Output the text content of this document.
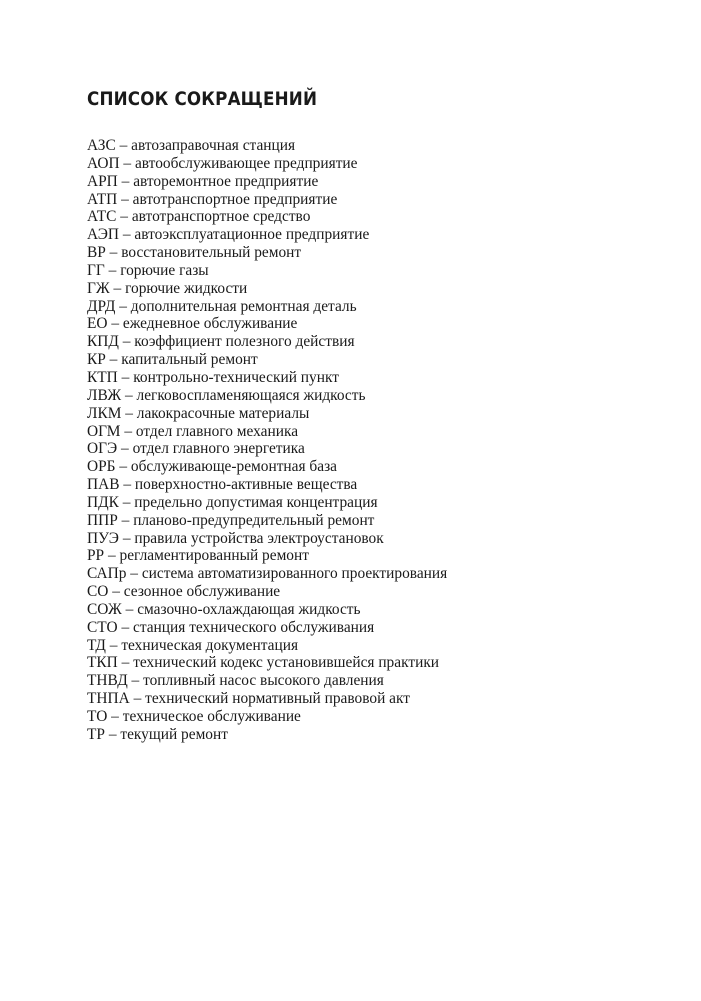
СПИСОК СОКРАЩЕНИЙ
АЗС – автозаправочная станция
АОП – автообслуживающее предприятие
АРП – авторемонтное предприятие
АТП – автотранспортное предприятие
АТС – автотранспортное средство
АЭП – автоэксплуатационное предприятие
ВР – восстановительный ремонт
ГГ – горючие газы
ГЖ – горючие жидкости
ДРД – дополнительная ремонтная деталь
ЕО – ежедневное обслуживание
КПД – коэффициент полезного действия
КР – капитальный ремонт
КТП – контрольно-технический пункт
ЛВЖ – легковоспламеняющаяся жидкость
ЛКМ – лакокрасочные материалы
ОГМ – отдел главного механика
ОГЭ – отдел главного энергетика
ОРБ – обслуживающе-ремонтная база
ПАВ – поверхностно-активные вещества
ПДК – предельно допустимая концентрация
ППР – планово-предупредительный ремонт
ПУЭ – правила устройства электроустановок
РР – регламентированный ремонт
САПр – система автоматизированного проектирования
СО – сезонное обслуживание
СОЖ – смазочно-охлаждающая жидкость
СТО – станция технического обслуживания
ТД – техническая документация
ТКП – технический кодекс установившейся практики
ТНВД – топливный насос высокого давления
ТНПА – технический нормативный правовой акт
ТО – техническое обслуживание
ТР – текущий ремонт
